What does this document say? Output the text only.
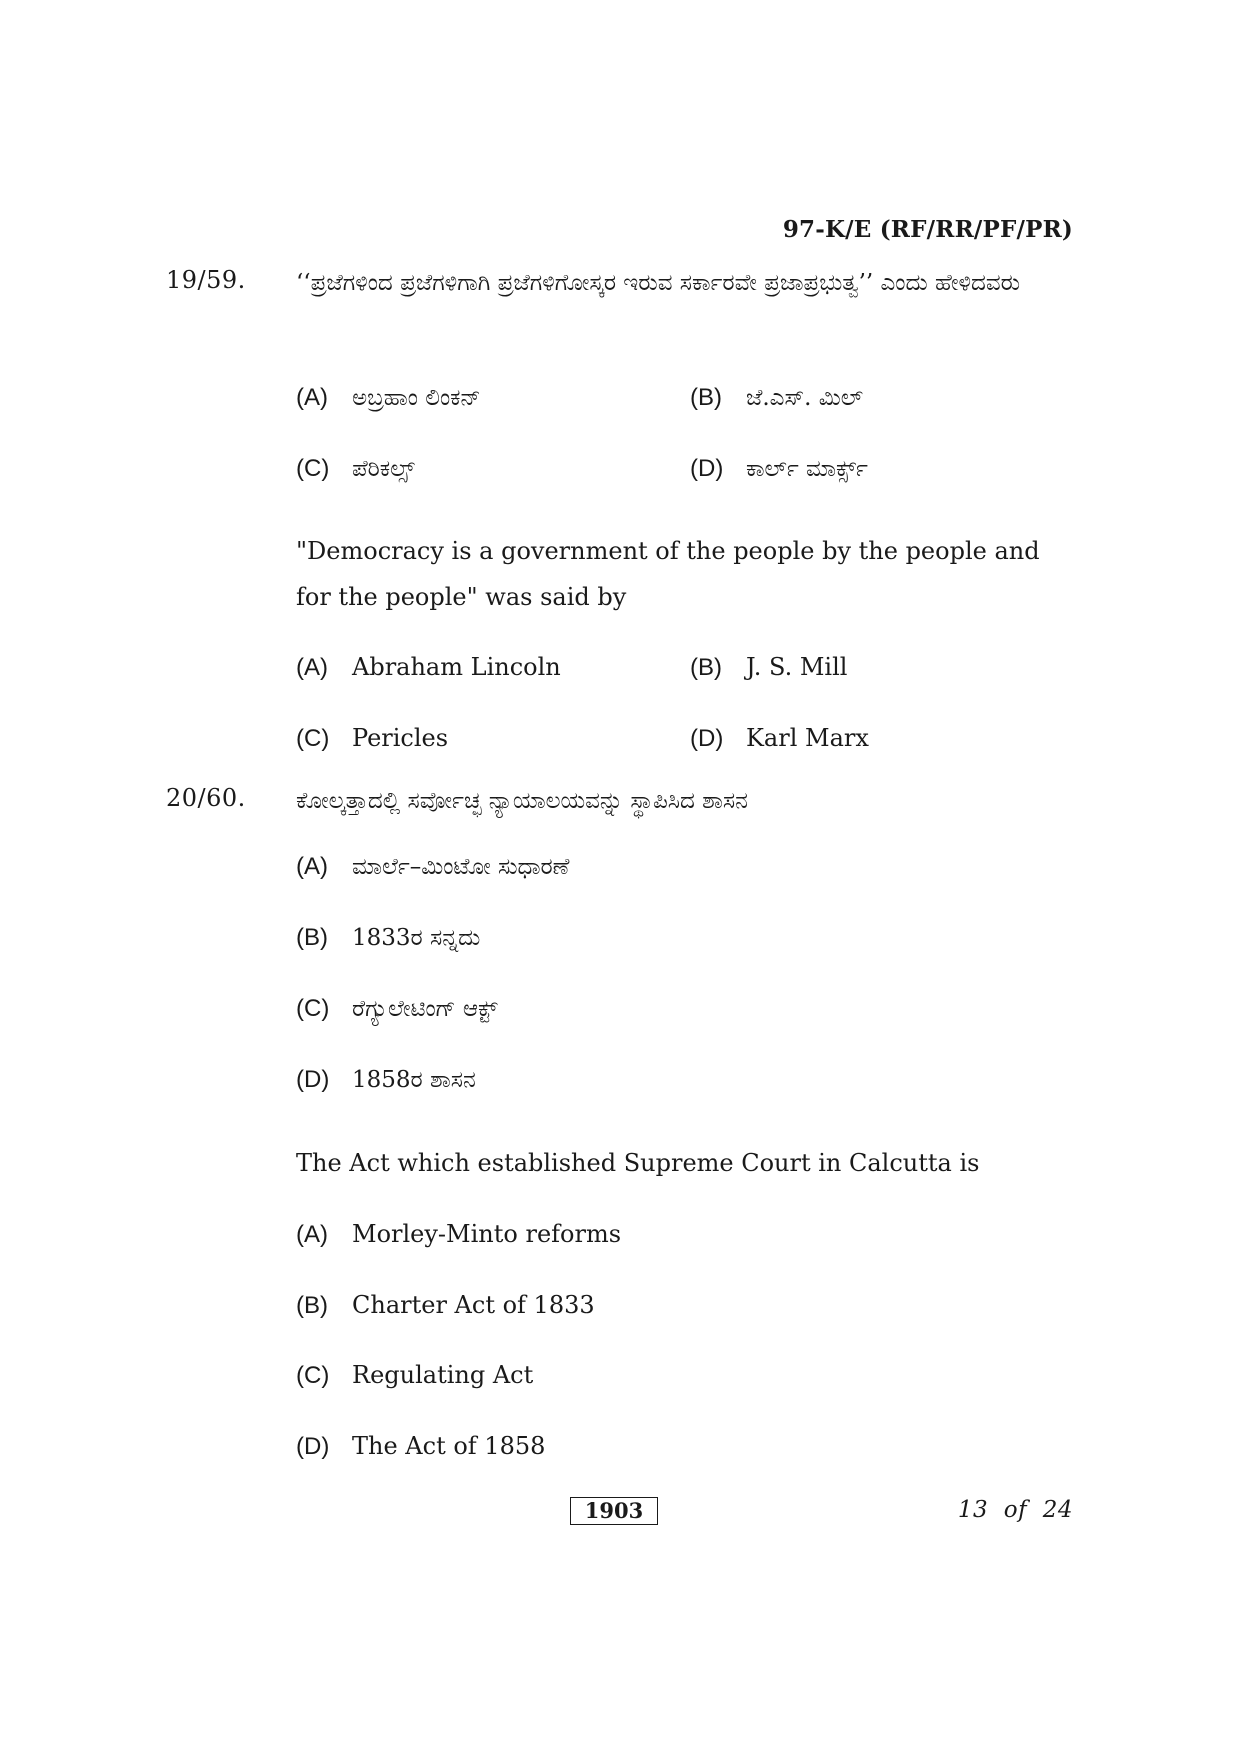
97-K/E (RF/RR/PF/PR)
19/59. ‘‘ಪ್ರಜೆಗಳಿಂದ ಪ್ರಜೆಗಳಿಗಾಗಿ ಪ್ರಜೆಗಳಿಗೋಸ್ಕರ ಇರುವ ಸರ್ಕಾರವೇ ಪ್ರಜಾಪ್ರಭುತ್ವ’’ ಎಂದು ಹೇಳಿದವರು
(A) ಅಬ್ರಹಾಂ ಲಿಂಕನ್	(B) ಜೆ.ಎಸ್. ಮಿಲ್
(C) ಪೆರಿಕಲ್ಸ್	(D) ಕಾರ್ಲ್ ಮಾರ್ಕ್ಸ್
"Democracy is a government of the people by the people and for the people" was said by
(A) Abraham Lincoln	(B) J. S. Mill
(C) Pericles	(D) Karl Marx
20/60. ಕೋಲ್ಕತ್ತಾದಲ್ಲಿ ಸರ್ವೋಚ್ಛ ನ್ಯಾಯಾಲಯವನ್ನು ಸ್ಥಾಪಿಸಿದ ಶಾಸನ
(A) ಮಾರ್ಲೆ–ಮಿಂಟೋ ಸುಧಾರಣೆ
(B) 1833ರ ಸನ್ನದು
(C) ರೆಗ್ಯುಲೇಟಿಂಗ್ ಆಕ್ಟ್
(D) 1858ರ ಶಾಸನ
The Act which established Supreme Court in Calcutta is
(A) Morley-Minto reforms
(B) Charter Act of 1833
(C) Regulating Act
(D) The Act of 1858
1903	13  of  24
